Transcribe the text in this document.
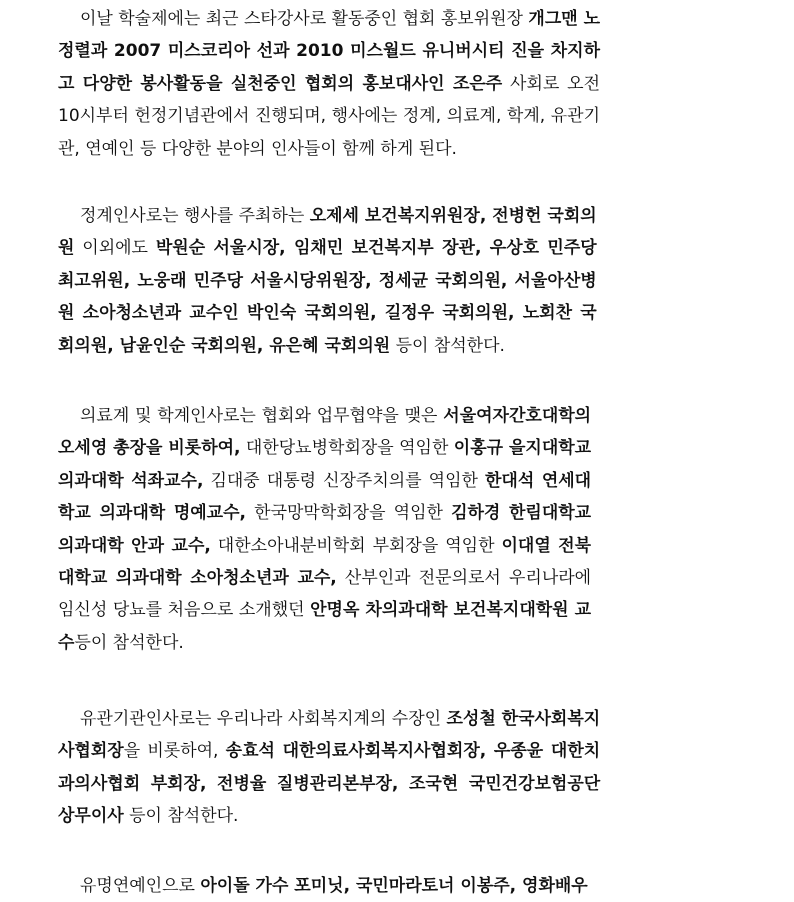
이날 학술제에는 최근 스타강사로 활동중인 협회 홍보위원장 개그맨 노
정렬과 2007 미스코리아 선과 2010 미스월드 유니버시티 진을 차지하
고 다양한 봉사활동을 실천중인 협회의 홍보대사인 조은주 사회로 오전
10시부터 헌정기념관에서 진행되며, 행사에는 정계, 의료계, 학계, 유관기
관, 연예인 등 다양한 분야의 인사들이 함께 하게 된다.
정계인사로는 행사를 주최하는 오제세 보건복지위원장, 전병헌 국회의
원 이외에도 박원순 서울시장, 임채민 보건복지부 장관, 우상호 민주당
최고위원, 노웅래 민주당 서울시당위원장, 정세균 국회의원, 서울아산병
원 소아청소년과 교수인 박인숙 국회의원, 길정우 국회의원, 노회찬 국
회의원, 남윤인순 국회의원, 유은혜 국회의원 등이 참석한다.
의료계 및 학계인사로는 협회와 업무협약을 맺은 서울여자간호대학의
오세영 총장을 비롯하여, 대한당뇨병학회장을 역임한 이홍규 을지대학교
의과대학 석좌교수, 김대중 대통령 신장주치의를 역임한 한대석 연세대
학교 의과대학 명예교수, 한국망막학회장을 역임한 김하경 한림대학교
의과대학 안과 교수, 대한소아내분비학회 부회장을 역임한 이대열 전북
대학교 의과대학 소아청소년과 교수, 산부인과 전문의로서 우리나라에
임신성 당뇨를 처음으로 소개했던 안명옥 차의과대학 보건복지대학원 교
수등이 참석한다.
유관기관인사로는 우리나라 사회복지계의 수장인 조성철 한국사회복지
사협회장을 비롯하여, 송효석 대한의료사회복지사협회장, 우종윤 대한치
과의사협회 부회장, 전병율 질병관리본부장, 조국현 국민건강보험공단
상무이사 등이 참석한다.
유명연예인으로 아이돌 가수 포미닛, 국민마라토너 이봉주, 영화배우
